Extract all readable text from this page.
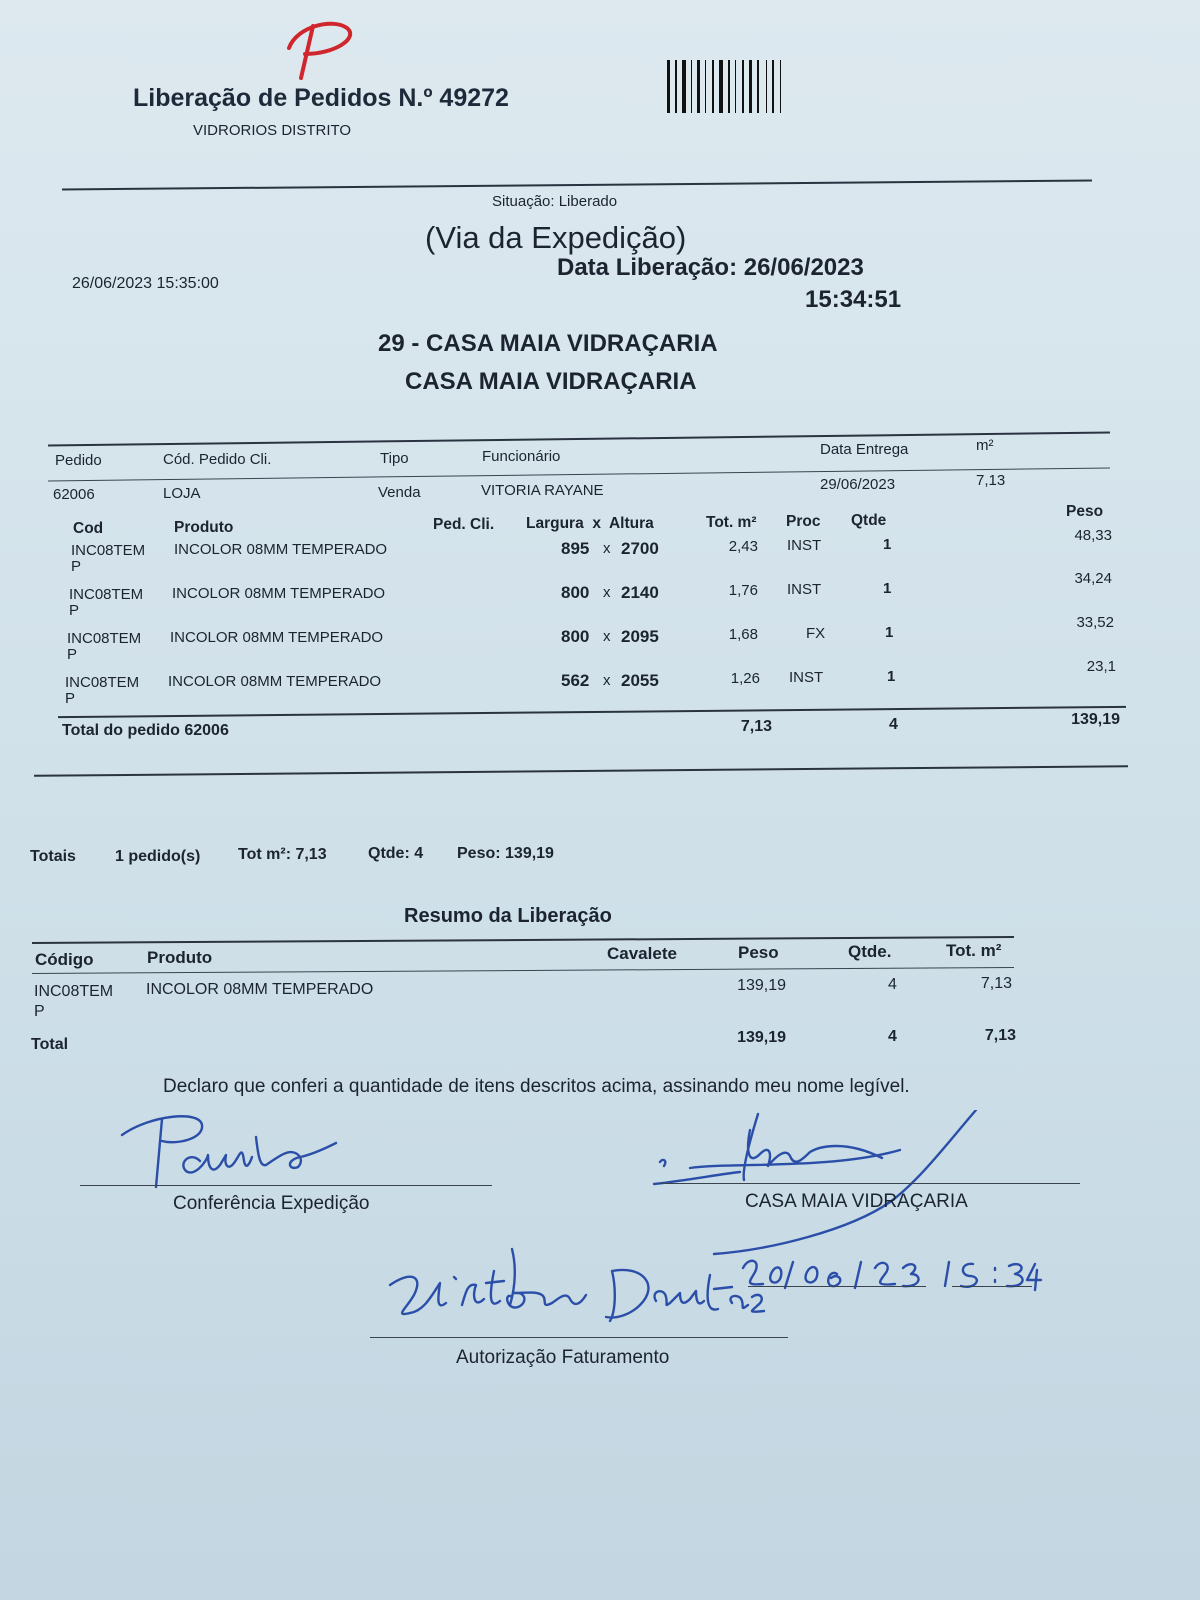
Liberação de Pedidos N.º 49272
VIDRORIOS DISTRITO
Situação: Liberado
(Via da Expedição)
26/06/2023 15:35:00
Data Liberação: 26/06/2023
15:34:51
29 - CASA MAIA VIDRAÇARIA
CASA MAIA VIDRAÇARIA
Pedido	Cód. Pedido Cli.	Tipo	Funcionário	Data Entrega	m²
62006	LOJA	Venda	VITORIA RAYANE	29/06/2023	7,13
Cod	Produto	Ped. Cli. Largura  x  Altura	Tot. m² Proc Qtde
Peso
INC08TEM
P
INCOLOR 08MM TEMPERADO	895 x 2700	2,43 INST	1
48,33
INC08TEM
P
INCOLOR 08MM TEMPERADO	800 x 2140	1,76 INST	1
34,24
INC08TEM
P
INCOLOR 08MM TEMPERADO	800 x 2095	1,68	FX	1
33,52
INC08TEM
P
INCOLOR 08MM TEMPERADO	562 x 2055	1,26 INST	1
23,1
Total do pedido 62006	7,13	4	139,19
Totais 1 pedido(s) Tot m²: 7,13	Qtde: 4 Peso: 139,19
Resumo da Liberação
Código	Produto	Cavalete	Peso	Qtde.	Tot. m²
INC08TEM
P
INCOLOR 08MM TEMPERADO	139,19	4	7,13
Total	139,19	4	7,13
Declaro que conferi a quantidade de itens descritos acima, assinando meu nome legível.
Conferência Expedição	CASA MAIA VIDRAÇARIA
Autorização Faturamento
